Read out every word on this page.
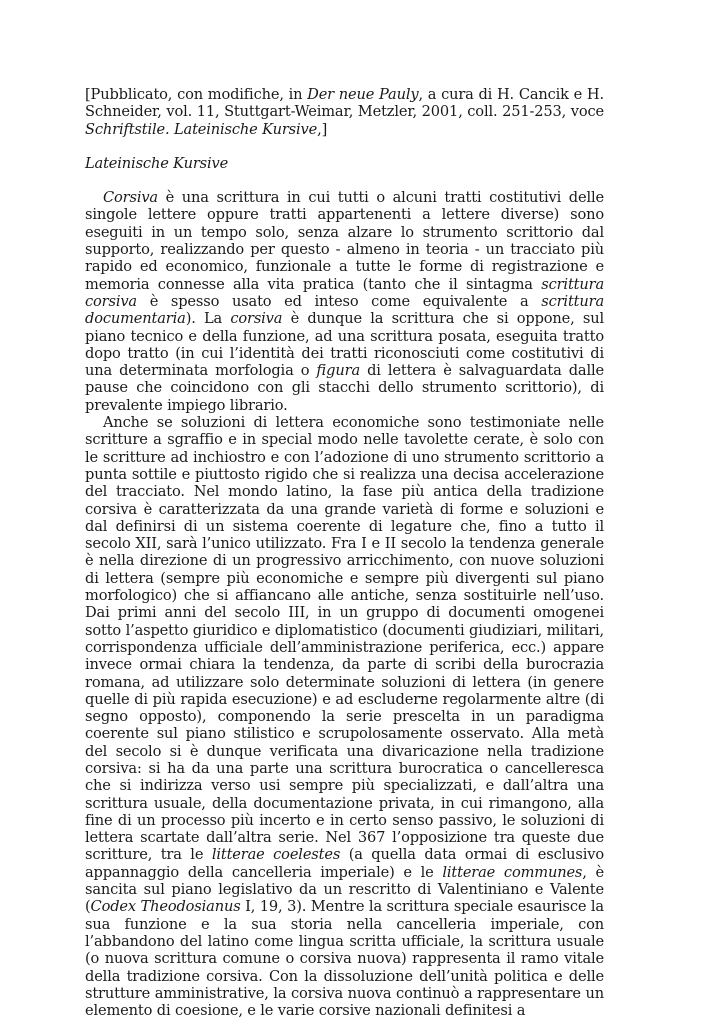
[Pubblicato, con modifiche, in Der neue Pauly, a cura di H. Cancik e H. Schneider, vol. 11, Stuttgart-Weimar, Metzler, 2001, coll. 251-253, voce Schriftstile. Lateinische Kursive,]

Lateinische Kursive

Corsiva è una scrittura in cui tutti o alcuni tratti costitutivi delle singole lettere oppure tratti appartenenti a lettere diverse) sono eseguiti in un tempo solo, senza alzare lo strumento scrittorio dal supporto, realizzando per questo - almeno in teoria - un tracciato più rapido ed economico, funzionale a tutte le forme di registrazione e memoria connesse alla vita pratica (tanto che il sintagma scrittura corsiva è spesso usato ed inteso come equivalente a scrittura documentaria). La corsiva è dunque la scrittura che si oppone, sul piano tecnico e della funzione, ad una scrittura posata, eseguita tratto dopo tratto (in cui l’identità dei tratti riconosciuti come costitutivi di una determinata morfologia o figura di lettera è salvaguardata dalle pause che coincidono con gli stacchi dello strumento scrittorio), di prevalente impiego librario.

Anche se soluzioni di lettera economiche sono testimoniate nelle scritture a sgraffio e in special modo nelle tavolette cerate, è solo con le scritture ad inchiostro e con l’adozione di uno strumento scrittorio a punta sottile e piuttosto rigido che si realizza una decisa accelerazione del tracciato. Nel mondo latino, la fase più antica della tradizione corsiva è caratterizzata da una grande varietà di forme e soluzioni e dal definirsi di un sistema coerente di legature che, fino a tutto il secolo XII, sarà l’unico utilizzato. Fra I e II secolo la tendenza generale è nella direzione di un progressivo arricchimento, con nuove soluzioni di lettera (sempre più economiche e sempre più divergenti sul piano morfologico) che si affiancano alle antiche, senza sostituirle nell’uso. Dai primi anni del secolo III, in un gruppo di documenti omogenei sotto l’aspetto giuridico e diplomatistico (documenti giudiziari, militari, corrispondenza ufficiale dell’amministrazione periferica, ecc.) appare invece ormai chiara la tendenza, da parte di scribi della burocrazia romana, ad utilizzare solo determinate soluzioni di lettera (in genere quelle di più rapida esecuzione) e ad escluderne regolarmente altre (di segno opposto), componendo la serie prescelta in un paradigma coerente sul piano stilistico e scrupolosamente osservato. Alla metà del secolo si è dunque verificata una divaricazione nella tradizione corsiva: si ha da una parte una scrittura burocratica o cancelleresca che si indirizza verso usi sempre più specializzati, e dall’altra una scrittura usuale, della documentazione privata, in cui rimangono, alla fine di un processo più incerto e in certo senso passivo, le soluzioni di lettera scartate dall’altra serie. Nel 367 l’opposizione tra queste due scritture, tra le litterae coelestes (a quella data ormai di esclusivo appannaggio della cancelleria imperiale) e le litterae communes, è sancita sul piano legislativo da un rescritto di Valentiniano e Valente (Codex Theodosianus I, 19, 3). Mentre la scrittura speciale esaurisce la sua funzione e la sua storia nella cancelleria imperiale, con l’abbandono del latino come lingua scritta ufficiale, la scrittura usuale (o nuova scrittura comune o corsiva nuova) rappresenta il ramo vitale della tradizione corsiva. Con la dissoluzione dell’unità politica e delle strutture amministrative, la corsiva nuova continuò a rappresentare un elemento di coesione, e le varie corsive nazionali definitesi a
